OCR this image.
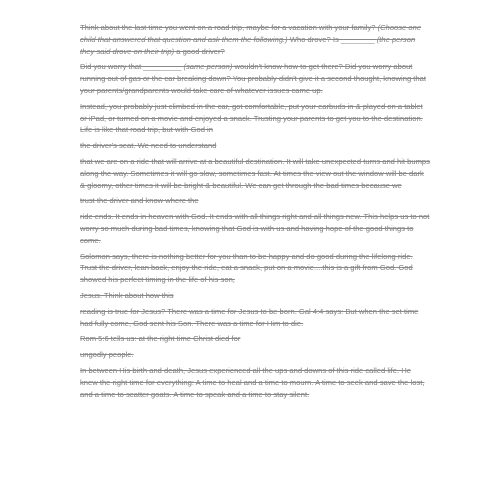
Think about the last time you went on a road trip, maybe for a vacation with your family? (Choose one child that answered that question and ask them the following.) Who drove? Is ________ (the person they said drove on their trip) a good driver?

Did you worry that _________ (same person) wouldn't know how to get there? Did you worry about running out of gas or the car breaking down? You probably didn't give it a second thought, knowing that your parents/grandparents would take care of whatever issues came up.

Instead, you probably just climbed in the car, got comfortable, put your earbuds in & played on a tablet or iPad, or turned on a movie and enjoyed a snack. Trusting your parents to get you to the destination. Life is like that road trip, but with God in

the driver's seat. We need to understand

that we are on a ride that will arrive at a beautiful destination. It will take unexpected turns and hit bumps along the way. Sometimes it will go slow, sometimes fast. At times the view out the window will be dark & gloomy, other times it will be bright & beautiful. We can get through the bad times because we

trust the driver and know where the

ride ends. It ends in heaven with God. It ends with all things right and all things new. This helps us to not worry so much during bad times, knowing that God is with us and having hope of the good things to come.

Solomon says, there is nothing better for you than to be happy and do good during the lifelong ride. Trust the driver, lean back, enjoy the ride, eat a snack, put on a movie....this is a gift from God. God showed his perfect timing in the life of his son,

Jesus. Think about how this

reading is true for Jesus? There was a time for Jesus to be born. Gal 4:4 says: But when the set time had fully come, God sent his Son. There was a time for Him to die.

Rom 5:6 tells us: at the right time Christ died for

ungodly people.

In between His birth and death, Jesus experienced all the ups and downs of this ride called life. He knew the right time for everything: A time to heal and a time to mourn. A time to seek and save the lost, and a time to scatter goats. A time to speak and a time to stay silent.
